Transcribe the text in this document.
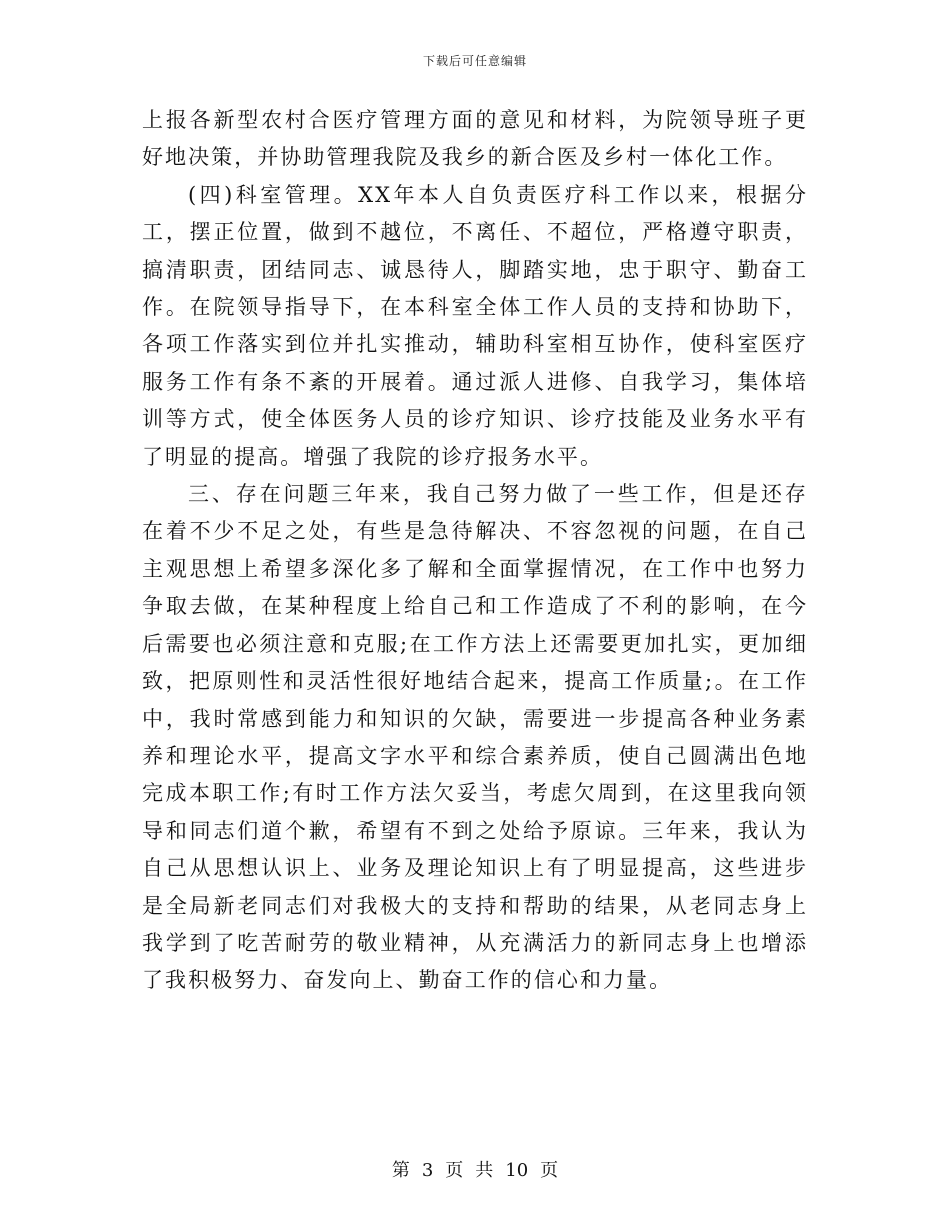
下载后可任意编辑

上报各新型农村合医疗管理方面的意见和材料，为院领导班子更好地决策，并协助管理我院及我乡的新合医及乡村一体化工作。

(四)科室管理。XX年本人自负责医疗科工作以来，根据分工，摆正位置，做到不越位，不离任、不超位，严格遵守职责，搞清职责，团结同志、诚恳待人，脚踏实地，忠于职守、勤奋工作。在院领导指导下，在本科室全体工作人员的支持和协助下，各项工作落实到位并扎实推动，辅助科室相互协作，使科室医疗服务工作有条不紊的开展着。通过派人进修、自我学习，集体培训等方式，使全体医务人员的诊疗知识、诊疗技能及业务水平有了明显的提高。增强了我院的诊疗报务水平。

三、存在问题三年来，我自己努力做了一些工作，但是还存在着不少不足之处，有些是急待解决、不容忽视的问题，在自己主观思想上希望多深化多了解和全面掌握情况，在工作中也努力争取去做，在某种程度上给自己和工作造成了不利的影响，在今后需要也必须注意和克服;在工作方法上还需要更加扎实，更加细致，把原则性和灵活性很好地结合起来，提高工作质量;。在工作中，我时常感到能力和知识的欠缺，需要进一步提高各种业务素养和理论水平，提高文字水平和综合素养质，使自己圆满出色地完成本职工作;有时工作方法欠妥当，考虑欠周到，在这里我向领导和同志们道个歉，希望有不到之处给予原谅。三年来，我认为自己从思想认识上、业务及理论知识上有了明显提高，这些进步是全局新老同志们对我极大的支持和帮助的结果，从老同志身上我学到了吃苦耐劳的敬业精神，从充满活力的新同志身上也增添了我积极努力、奋发向上、勤奋工作的信心和力量。

第 3 页 共 10 页
